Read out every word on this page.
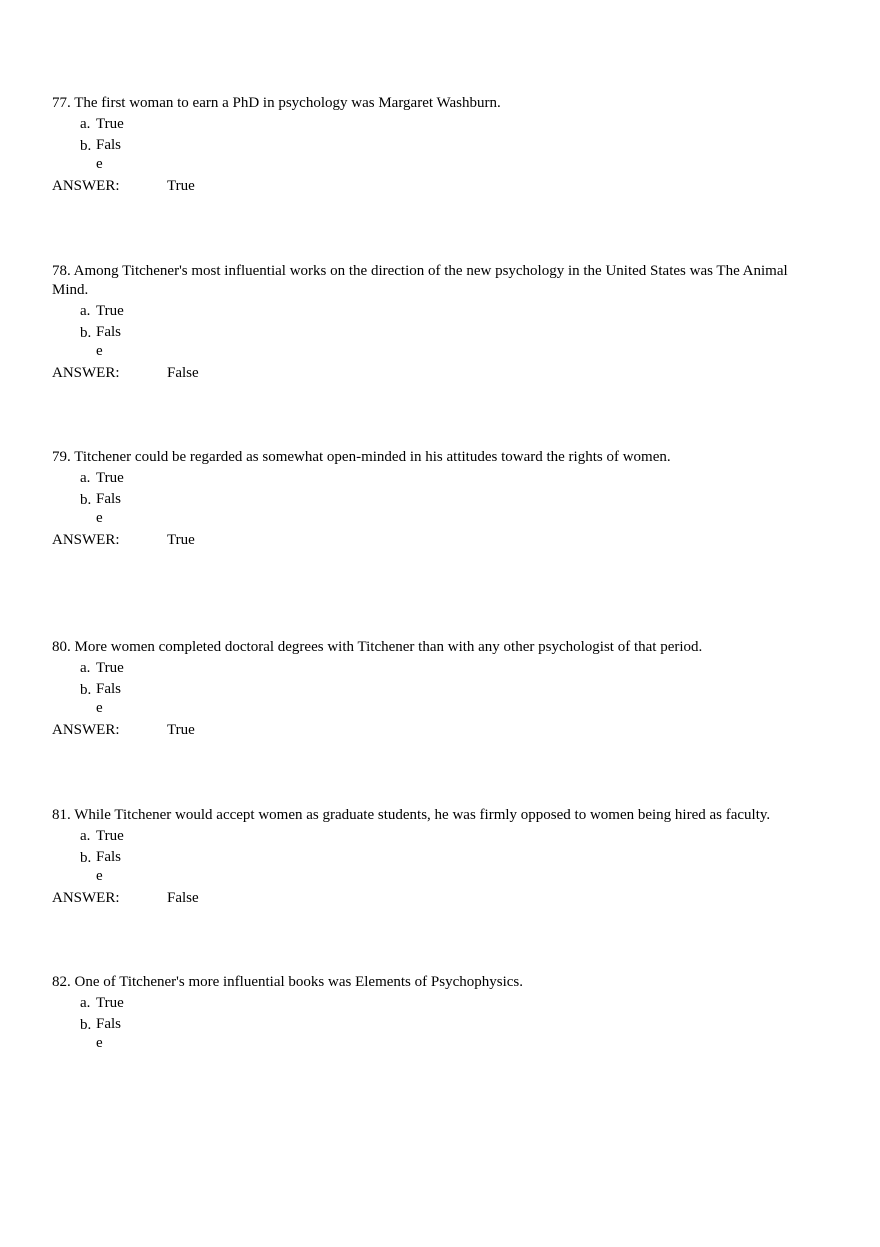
77. The first woman to earn a PhD in psychology was Margaret Washburn.

a. True
b. False
ANSWER:	True

78. Among Titchener's most influential works on the direction of the new psychology in the United States was The Animal Mind.

a. True
b. False
ANSWER:	False

79. Titchener could be regarded as somewhat open-minded in his attitudes toward the rights of women.

a. True
b. False
ANSWER:	True

80. More women completed doctoral degrees with Titchener than with any other psychologist of that period.

a. True
b. False
ANSWER:	True

81. While Titchener would accept women as graduate students, he was firmly opposed to women being hired as faculty.

a. True
b. False
ANSWER:	False

82. One of Titchener's more influential books was Elements of Psychophysics.

a. True
b. False
